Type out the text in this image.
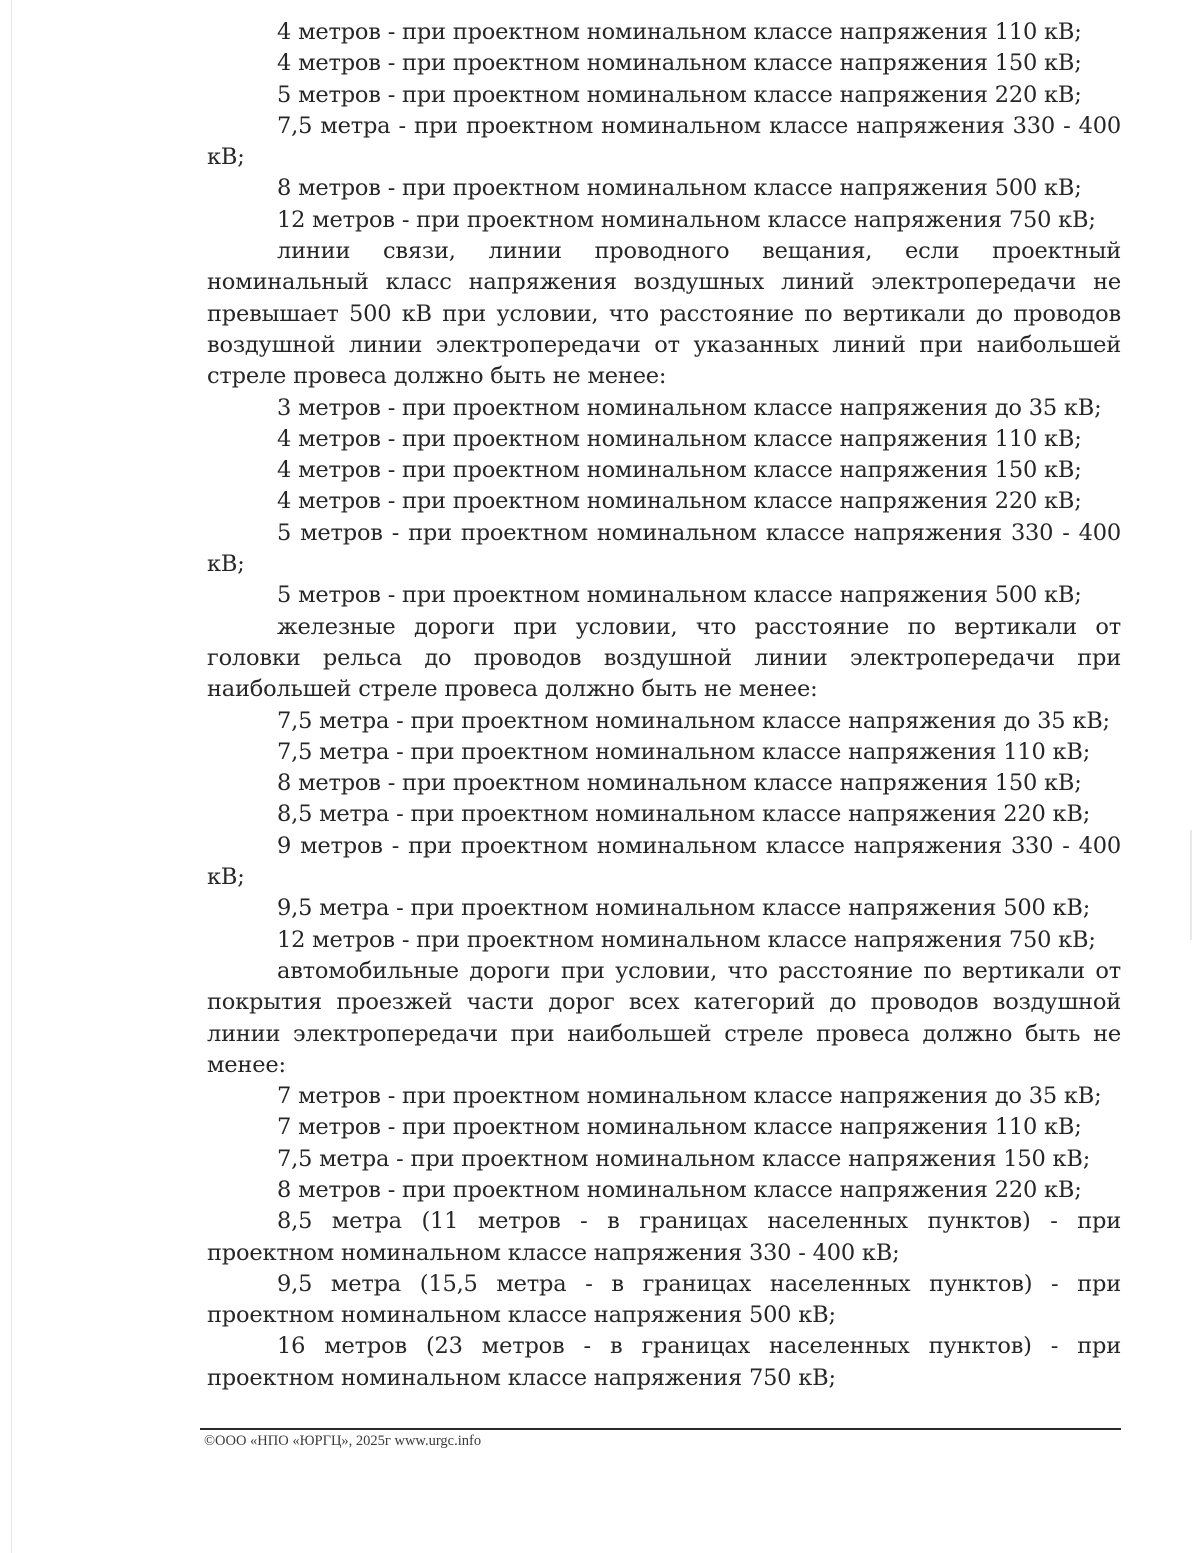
4 метров - при проектном номинальном классе напряжения 110 кВ;

4 метров - при проектном номинальном классе напряжения 150 кВ;

5 метров - при проектном номинальном классе напряжения 220 кВ;

7,5 метра - при проектном номинальном классе напряжения 330 - 400 кВ;

8 метров - при проектном номинальном классе напряжения 500 кВ;

12 метров - при проектном номинальном классе напряжения 750 кВ;

линии связи, линии проводного вещания, если проектный номинальный класс напряжения воздушных линий электропередачи не превышает 500 кВ при условии, что расстояние по вертикали до проводов воздушной линии электропередачи от указанных линий при наибольшей стреле провеса должно быть не менее:

3 метров - при проектном номинальном классе напряжения до 35 кВ;

4 метров - при проектном номинальном классе напряжения 110 кВ;

4 метров - при проектном номинальном классе напряжения 150 кВ;

4 метров - при проектном номинальном классе напряжения 220 кВ;

5 метров - при проектном номинальном классе напряжения 330 - 400 кВ;

5 метров - при проектном номинальном классе напряжения 500 кВ;

железные дороги при условии, что расстояние по вертикали от головки рельса до проводов воздушной линии электропередачи при наибольшей стреле провеса должно быть не менее:

7,5 метра - при проектном номинальном классе напряжения до 35 кВ;

7,5 метра - при проектном номинальном классе напряжения 110 кВ;

8 метров - при проектном номинальном классе напряжения 150 кВ;

8,5 метра - при проектном номинальном классе напряжения 220 кВ;

9 метров - при проектном номинальном классе напряжения 330 - 400 кВ;

9,5 метра - при проектном номинальном классе напряжения 500 кВ;

12 метров - при проектном номинальном классе напряжения 750 кВ;

автомобильные дороги при условии, что расстояние по вертикали от покрытия проезжей части дорог всех категорий до проводов воздушной линии электропередачи при наибольшей стреле провеса должно быть не менее:

7 метров - при проектном номинальном классе напряжения до 35 кВ;

7 метров - при проектном номинальном классе напряжения 110 кВ;

7,5 метра - при проектном номинальном классе напряжения 150 кВ;

8 метров - при проектном номинальном классе напряжения 220 кВ;

8,5 метра (11 метров - в границах населенных пунктов) - при проектном номинальном классе напряжения 330 - 400 кВ;

9,5 метра (15,5 метра - в границах населенных пунктов) - при проектном номинальном классе напряжения 500 кВ;

16 метров (23 метров - в границах населенных пунктов) - при проектном номинальном классе напряжения 750 кВ;

©ООО «НПО «ЮРГЦ», 2025г www.urgc.info
